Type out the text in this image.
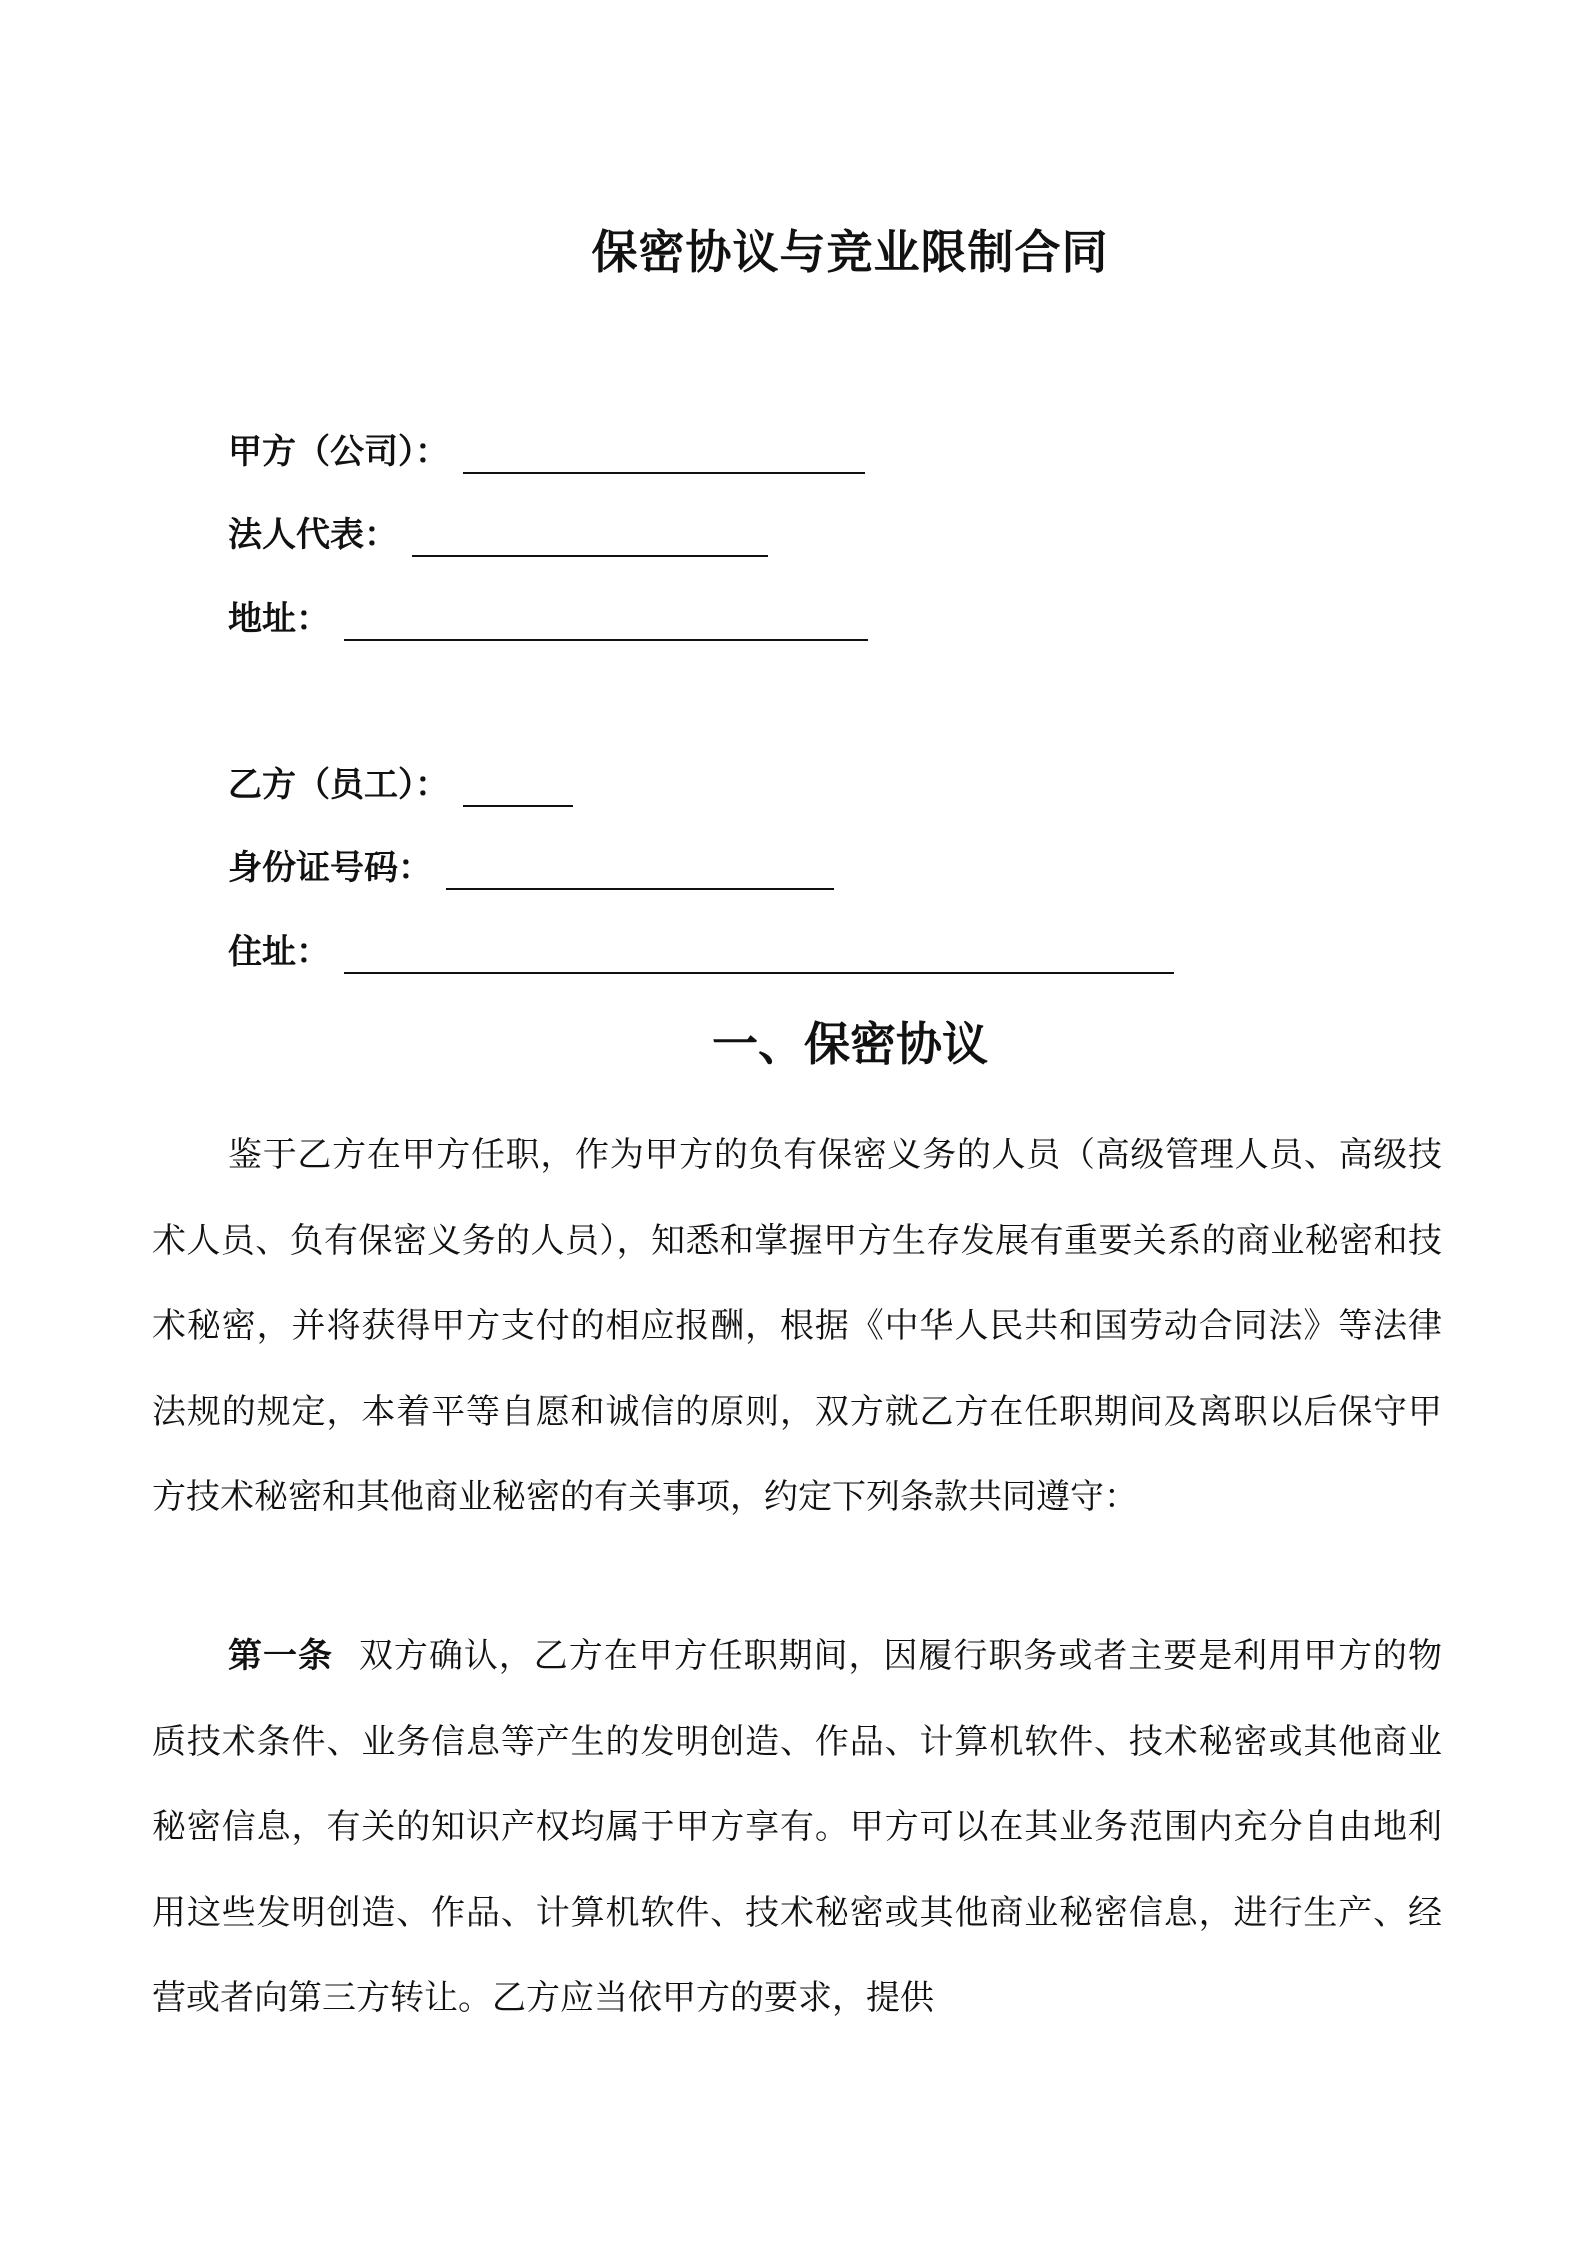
保密协议与竞业限制合同
甲方（公司）：
法人代表：
地址：
乙方（员工）：
身份证号码：
住址：
一、保密协议

鉴于乙方在甲方任职，作为甲方的负有保密义务的人员（高级管理人员、高级技术人员、负有保密义务的人员），知悉和掌握甲方生存发展有重要关系的商业秘密和技术秘密，并将获得甲方支付的相应报酬，根据《中华人民共和国劳动合同法》等法律法规的规定，本着平等自愿和诚信的原则，双方就乙方在任职期间及离职以后保守甲方技术秘密和其他商业秘密的有关事项，约定下列条款共同遵守：

第一条 双方确认，乙方在甲方任职期间，因履行职务或者主要是利用甲方的物质技术条件、业务信息等产生的发明创造、作品、计算机软件、技术秘密或其他商业秘密信息，有关的知识产权均属于甲方享有。甲方可以在其业务范围内充分自由地利用这些发明创造、作品、计算机软件、技术秘密或其他商业秘密信息，进行生产、经营或者向第三方转让。乙方应当依甲方的要求，提供
